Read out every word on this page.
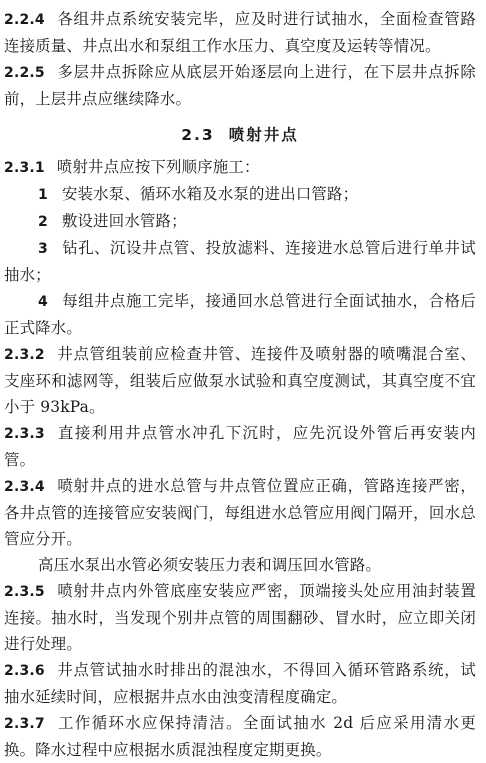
2.2.4 各组井点系统安装完毕，应及时进行试抽水，全面检查管路连接质量、井点出水和泵组工作水压力、真空度及运转等情况。

2.2.5 多层井点拆除应从底层开始逐层向上进行，在下层井点拆除前，上层井点应继续降水。

2.3 喷射井点

2.3.1 喷射井点应按下列顺序施工：

1 安装水泵、循环水箱及水泵的进出口管路；

2 敷设进回水管路；

3 钻孔、沉设井点管、投放滤料、连接进水总管后进行单井试抽水；

4 每组井点施工完毕，接通回水总管进行全面试抽水，合格后正式降水。

2.3.2 井点管组装前应检查井管、连接件及喷射器的喷嘴混合室、支座环和滤网等，组装后应做泵水试验和真空度测试，其真空度不宜小于 93kPa。

2.3.3 直接利用井点管水冲孔下沉时，应先沉设外管后再安装内管。

2.3.4 喷射井点的进水总管与井点管位置应正确，管路连接严密，各井点管的连接管应安装阀门，每组进水总管应用阀门隔开，回水总管应分开。

高压水泵出水管必须安装压力表和调压回水管路。

2.3.5 喷射井点内外管底座安装应严密，顶端接头处应用油封装置连接。抽水时，当发现个别井点管的周围翻砂、冒水时，应立即关闭进行处理。

2.3.6 井点管试抽水时排出的混浊水，不得回入循环管路系统，试抽水延续时间，应根据井点水由浊变清程度确定。

2.3.7 工作循环水应保持清洁。全面试抽水 2d 后应采用清水更换。降水过程中应根据水质混浊程度定期更换。
